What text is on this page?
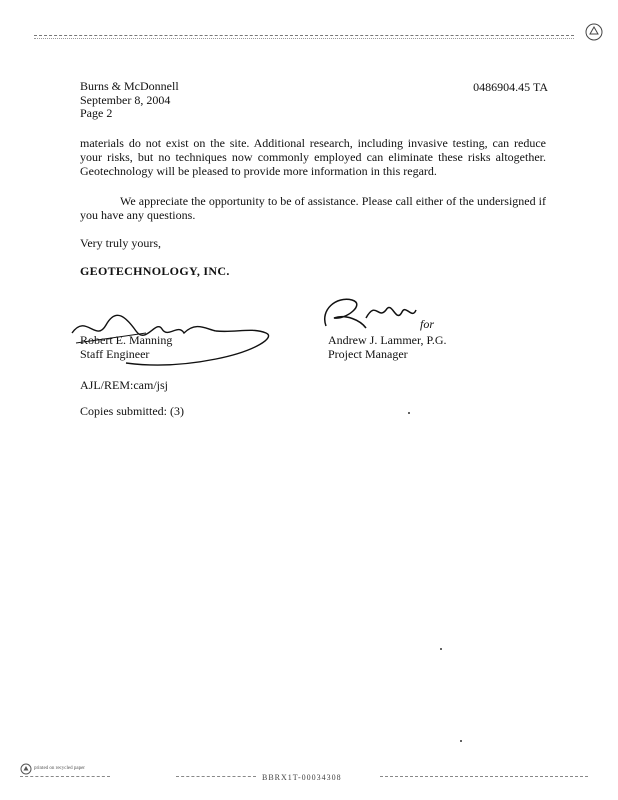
Burns & McDonnell
September 8, 2004
Page 2
0486904.45 TA
materials do not exist on the site. Additional research, including invasive testing, can reduce your risks, but no techniques now commonly employed can eliminate these risks altogether. Geotechnology will be pleased to provide more information in this regard.
We appreciate the opportunity to be of assistance. Please call either of the undersigned if you have any questions.
Very truly yours,
GEOTECHNOLOGY, INC.
for
Robert E. Manning
Staff Engineer
Andrew J. Lammer, P.G.
Project Manager
AJL/REM:cam/jsj
Copies submitted: (3)
printed on recycled paper
BBRX1T-00034308
